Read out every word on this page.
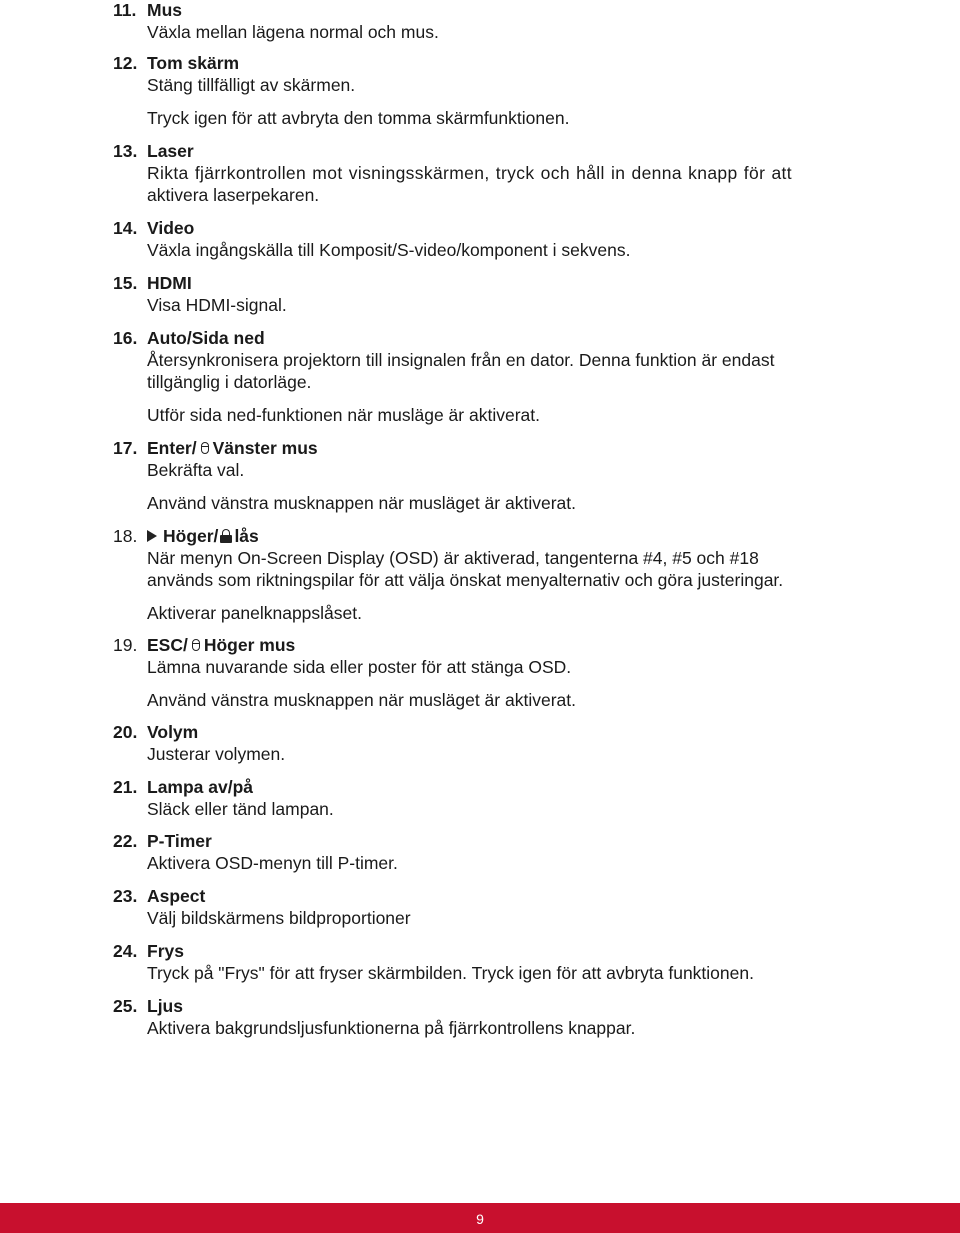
11. Mus
Växla mellan lägena normal och mus.
12. Tom skärm
Stäng tillfälligt av skärmen.
Tryck igen för att avbryta den tomma skärmfunktionen.
13. Laser
Rikta fjärrkontrollen mot visningsskärmen, tryck och håll in denna knapp för att
aktivera laserpekaren.
14. Video
Växla ingångskälla till Komposit/S-video/komponent i sekvens.
15. HDMI
Visa HDMI-signal.
16. Auto/Sida ned
Återsynkronisera projektorn till insignalen från en dator. Denna funktion är endast
tillgänglig i datorläge.
Utför sida ned-funktionen när musläge är aktiverat.
17. Enter/ Vänster mus
Bekräfta val.
Använd vänstra musknappen när musläget är aktiverat.
18. Höger/ lås
När menyn On-Screen Display (OSD) är aktiverad, tangenterna #4, #5 och #18
används som riktningspilar för att välja önskat menyalternativ och göra justeringar.
Aktiverar panelknappslåset.
19. ESC/ Höger mus
Lämna nuvarande sida eller poster för att stänga OSD.
Använd vänstra musknappen när musläget är aktiverat.
20. Volym
Justerar volymen.
21. Lampa av/på
Släck eller tänd lampan.
22. P-Timer
Aktivera OSD-menyn till P-timer.
23. Aspect
Välj bildskärmens bildproportioner
24. Frys
Tryck på "Frys" för att fryser skärmbilden. Tryck igen för att avbryta funktionen.
25. Ljus
Aktivera bakgrundsljusfunktionerna på fjärrkontrollens knappar.
9
